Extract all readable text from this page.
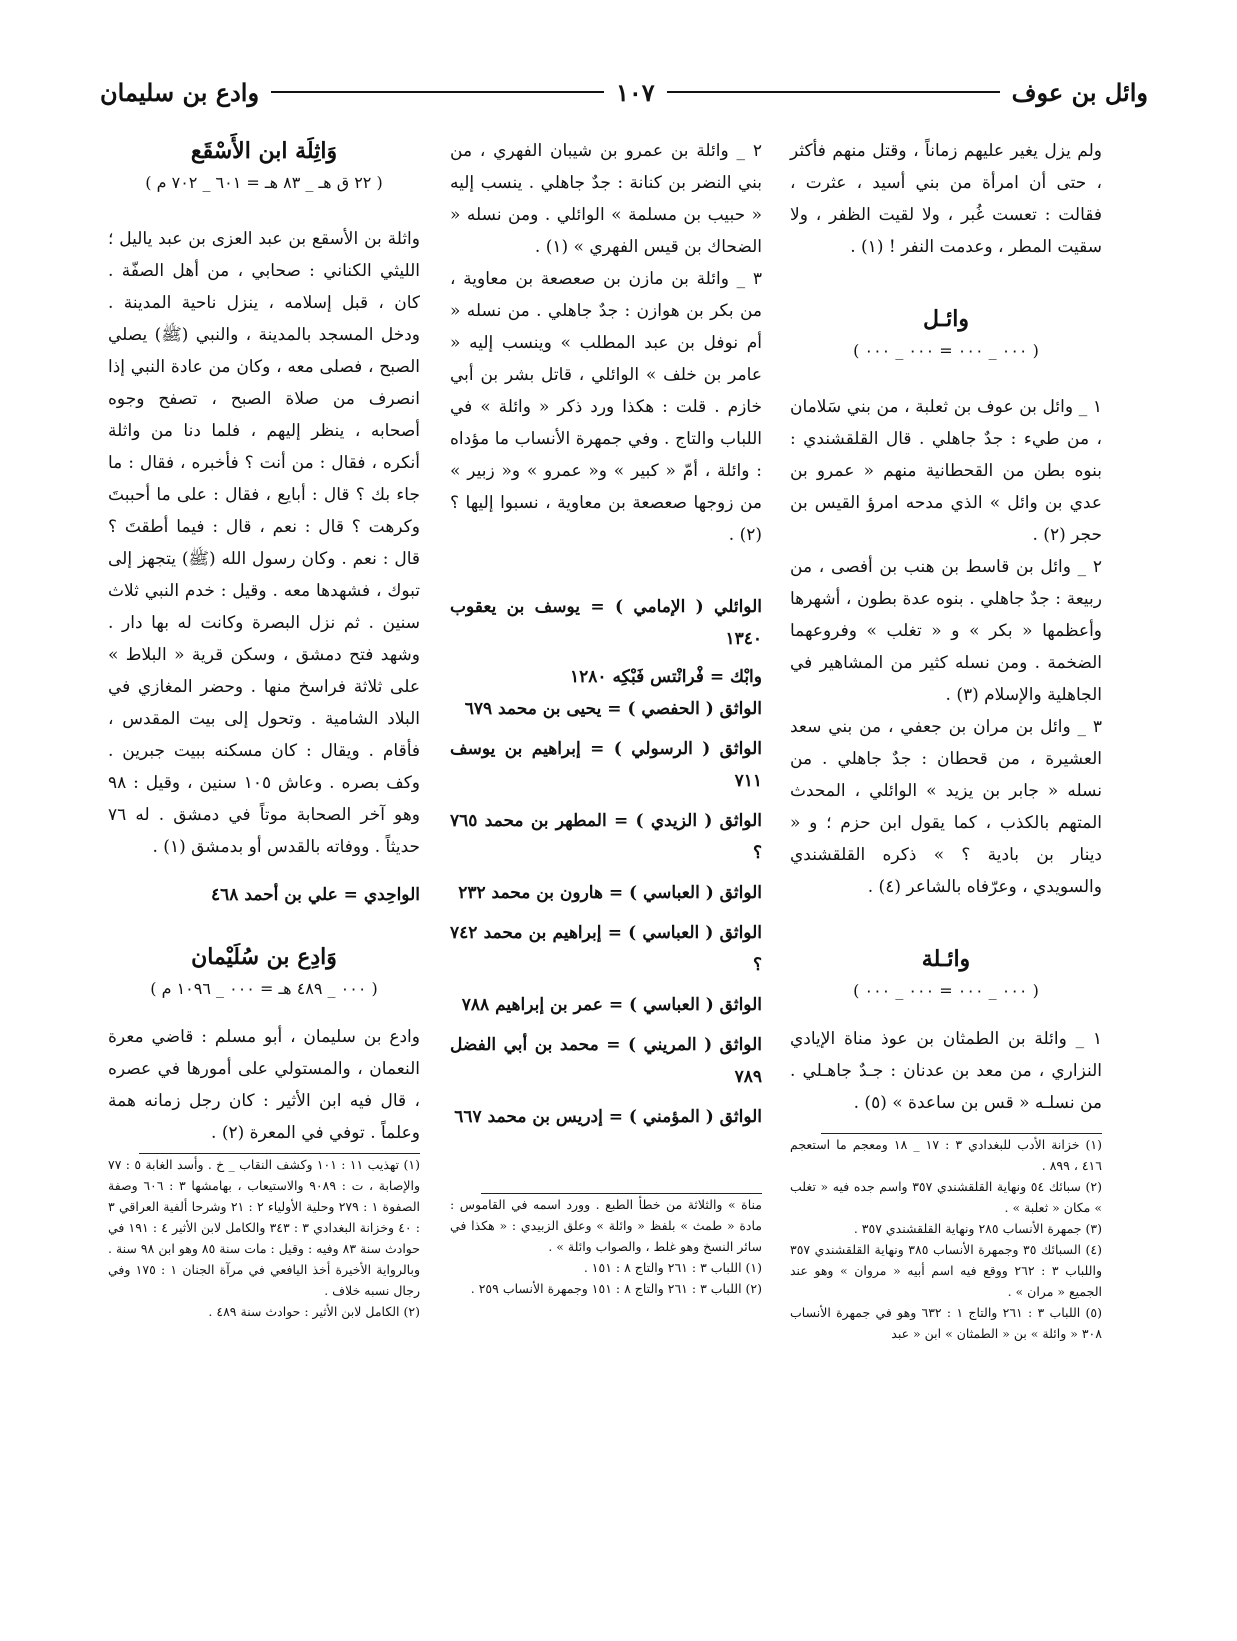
وائل بن عوف
١٠٧
وادع بن سليمان

ولم يزل يغير عليهم زماناً ، وقتل منهم فأكثر ، حتى أن امرأة من بني أسيد ، عثرت ، فقالت : تعست غُبر ، ولا لقيت الظفر ، ولا سقيت المطر ، وعدمت النفر ! (١) .

وائـل

( ٠٠٠ _ ٠٠٠ = ٠٠٠ _ ٠٠٠ )

١ _ وائل بن عوف بن ثعلبة ، من بني سَلامان ، من طيء : جدٌ جاهلي . قال القلقشندي : بنوه بطن من القحطانية منهم « عمرو بن عدي بن وائل » الذي مدحه امرؤ القيس بن حجر (٢) .

٢ _ وائل بن قاسط بن هنب بن أفصى ، من ربيعة : جدٌ جاهلي . بنوه عدة بطون ، أشهرها وأعظمها « بكر » و « تغلب » وفروعهما الضخمة . ومن نسله كثير من المشاهير في الجاهلية والإسلام (٣) .

٣ _ وائل بن مران بن جعفي ، من بني سعد العشيرة ، من قحطان : جدٌ جاهلي . من نسله « جابر بن يزيد » الوائلي ، المحدث المتهم بالكذب ، كما يقول ابن حزم ؛ و « دينار بن بادية ؟ » ذكره القلقشندي والسويدي ، وعرّفاه بالشاعر (٤) .

وائـلة

( ٠٠٠ _ ٠٠٠ = ٠٠٠ _ ٠٠٠ )

١ _ وائلة بن الطمثان بن عوذ مناة الإيادي النزاري ، من معد بن عدنان : جـدٌ جاهـلي . من نسلـه « قس بن ساعدة » (٥) .

(١) خزانة الأدب للبغدادي ٣ : ١٧ _ ١٨ ومعجم ما استعجم ٤١٦ ، ٨٩٩ .

(٢) سبائك ٥٤ ونهاية القلقشندي ٣٥٧ واسم جده فيه « تغلب » مكان « ثعلبة » .

(٣) جمهرة الأنساب ٢٨٥ ونهاية القلقشندي ٣٥٧ .

(٤) السبائك ٣٥ وجمهرة الأنساب ٣٨٥ ونهاية القلقشندي ٣٥٧ واللباب ٣ : ٢٦٢ ووقع فيه اسم أبيه « مروان » وهو عند الجميع « مران » .

(٥) اللباب ٣ : ٢٦١ والتاج ١ : ٦٣٢ وهو في جمهرة الأنساب ٣٠٨ « وائلة » بن « الطمثان » ابن « عبد

٢ _ وائلة بن عمرو بن شيبان الفهري ، من بني النضر بن كنانة : جدٌ جاهلي . ينسب إليه « حبيب بن مسلمة » الوائلي . ومن نسله « الضحاك بن قيس الفهري » (١) .

٣ _ وائلة بن مازن بن صعصعة بن معاوية ، من بكر بن هوازن : جدٌ جاهلي . من نسله « أم نوفل بن عبد المطلب » وينسب إليه « عامر بن خلف » الوائلي ، قاتل بشر بن أبي خازم . قلت : هكذا ورد ذكر « وائلة » في اللباب والتاج . وفي جمهرة الأنساب ما مؤداه : وائلة ، أمّ « كبير » و« عمرو » و« زبير » من زوجها صعصعة بن معاوية ، نسبوا إليها ؟ (٢) .

الوائلي ( الإمامي ) = يوسف بن يعقوب ١٣٤٠

وابْك = فْرانْتس فَبْكِه ١٢٨٠

الواثق ( الحفصي ) = يحيى بن محمد ٦٧٩

الواثق ( الرسولي ) = إبراهيم بن يوسف ٧١١

الواثق ( الزيدي ) = المطهر بن محمد ٧٦٥ ؟

الواثق ( العباسي ) = هارون بن محمد ٢٣٢

الواثق ( العباسي ) = إبراهيم بن محمد ٧٤٢ ؟

الواثق ( العباسي ) = عمر بن إبراهيم ٧٨٨

الواثق ( المريني ) = محمد بن أبي الفضل ٧٨٩

الواثق ( المؤمني ) = إدريس بن محمد ٦٦٧

مناة » والثلاثة من خطأ الطبع . وورد اسمه في القاموس : مادة « طمث » بلفظ « وائلة » وعلق الزبيدي : « هكذا في سائر النسخ وهو غلط ، والصواب وائلة » .

(١) اللباب ٣ : ٢٦١ والتاج ٨ : ١٥١ .

(٢) اللباب ٣ : ٢٦١ والتاج ٨ : ١٥١ وجمهرة الأنساب ٢٥٩ .

وَاثِلَة ابن الأَسْقَع

( ٢٢ ق هـ _ ٨٣ هـ = ٦٠١ _ ٧٠٢ م )

واثلة بن الأسقع بن عبد العزى بن عبد ياليل ؛ الليثي الكناني : صحابي ، من أهل الصفّة . كان ، قبل إسلامه ، ينزل ناحية المدينة . ودخل المسجد بالمدينة ، والنبي (ﷺ) يصلي الصبح ، فصلى معه ، وكان من عادة النبي إذا انصرف من صلاة الصبح ، تصفح وجوه أصحابه ، ينظر إليهم ، فلما دنا من واثلة أنكره ، فقال : من أنت ؟ فأخبره ، فقال : ما جاء بك ؟ قال : أبايع ، فقال : على ما أحببتَ وكرهت ؟ قال : نعم ، قال : فيما أطقتَ ؟ قال : نعم . وكان رسول الله (ﷺ) يتجهز إلى تبوك ، فشهدها معه . وقيل : خدم النبي ثلاث سنين . ثم نزل البصرة وكانت له بها دار . وشهد فتح دمشق ، وسكن قرية « البلاط » على ثلاثة فراسخ منها . وحضر المغازي في البلاد الشامية . وتحول إلى بيت المقدس ، فأقام . ويقال : كان مسكنه ببيت جبرين . وكف بصره . وعاش ١٠٥ سنين ، وقيل : ٩٨ وهو آخر الصحابة موتاً في دمشق . له ٧٦ حديثاً . ووفاته بالقدس أو بدمشق (١) .

الواحِدي = علي بن أحمد ٤٦٨

وَادِع بن سُلَيْمان

( ٠٠٠ _ ٤٨٩ هـ = ٠٠٠ _ ١٠٩٦ م )

وادع بن سليمان ، أبو مسلم : قاضي معرة النعمان ، والمستولي على أمورها في عصره ، قال فيه ابن الأثير : كان رجل زمانه همة وعلماً . توفي في المعرة (٢) .

(١) تهذيب ١١ : ١٠١ وكشف النقاب _ خ . وأسد الغابة ٥ : ٧٧ والإصابة ، ت : ٩٠٨٩ والاستيعاب ، بهامشها ٣ : ٦٠٦ وصفة الصفوة ١ : ٢٧٩ وحلية الأولياء ٢ : ٢١ وشرحا ألفية العراقي ٣ : ٤٠ وخزانة البغدادي ٣ : ٣٤٣ والكامل لابن الأثير ٤ : ١٩١ في حوادث سنة ٨٣ وفيه : وقيل : مات سنة ٨٥ وهو ابن ٩٨ سنة . وبالرواية الأخيرة أخذ اليافعي في مرآة الجنان ١ : ١٧٥ وفي رجال نسبه خلاف .

(٢) الكامل لابن الأثير : حوادث سنة ٤٨٩ .
